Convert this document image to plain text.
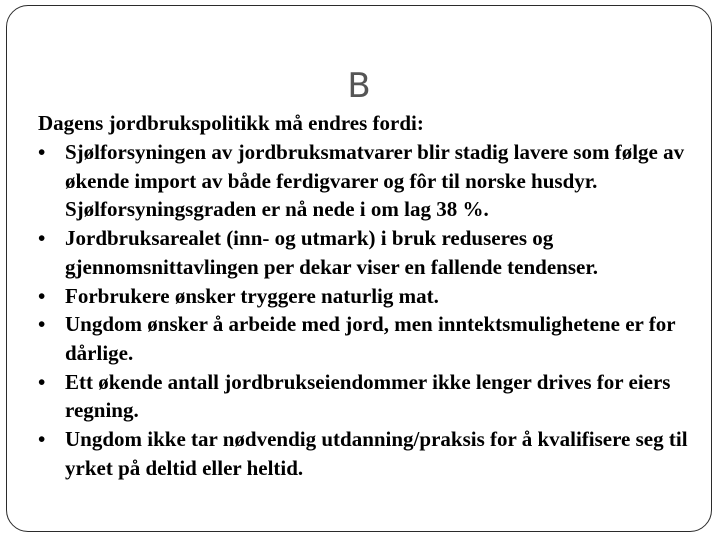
B
Dagens jordbrukspolitikk må endres fordi:
• Sjølforsyningen av jordbruksmatvarer blir stadig lavere som følge av økende import av både ferdigvarer og fôr til norske husdyr. Sjølforsyningsgraden er nå nede i om lag 38 %.
• Jordbruksarealet (inn- og utmark) i bruk reduseres og gjennomsnittavlingen per dekar viser en fallende tendenser.
• Forbrukere ønsker tryggere naturlig mat.
• Ungdom ønsker å arbeide med jord, men inntektsmulighetene er for dårlige.
• Ett økende antall jordbrukseiendommer ikke lenger drives for eiers regning.
• Ungdom ikke tar nødvendig utdanning/praksis for å kvalifisere seg til yrket på deltid eller heltid.
